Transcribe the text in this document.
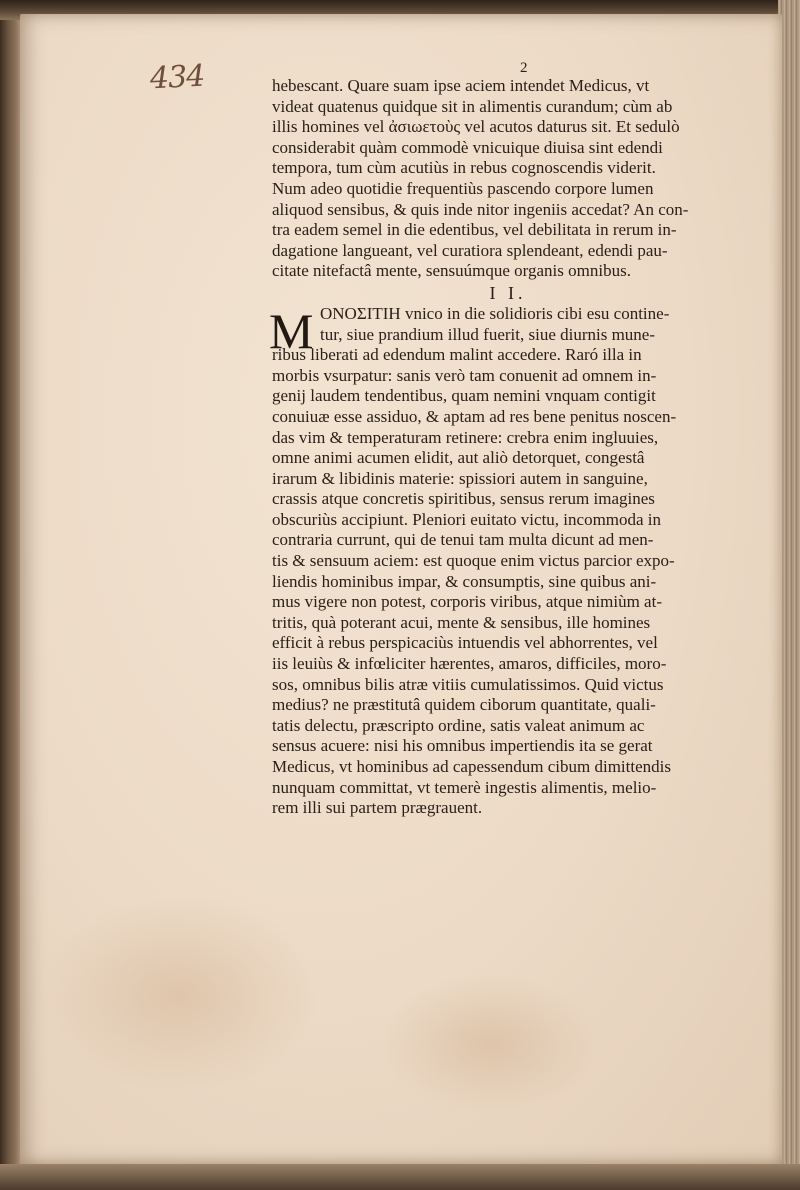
434	2
hebescant. Quare suam ipse aciem intendet Medicus, vt
videat quatenus quidque sit in alimentis curandum; cùm ab
illis homines vel ἀσιωετοὺς vel acutos daturus sit. Et sedulò
considerabit quàm commodè vnicuique diuisa sint edendi
tempora, tum cùm acutiùs in rebus cognoscendis viderit.
Num adeo quotidie frequentiùs pascendo corpore lumen
aliquod sensibus, & quis inde nitor ingeniis accedat? An con-
tra eadem semel in die edentibus, vel debilitata in rerum in-
dagatione langueant, vel curatiora splendeant, edendi pau-
citate nitefactâ mente, sensuúmque organis omnibus.
I I.
M ONOΣITIH vnico in die solidioris cibi esu contine-
tur, siue prandium illud fuerit, siue diurnis mune-
ribus liberati ad edendum malint accedere. Raró illa in
morbis vsurpatur: sanis verò tam conuenit ad omnem in-
genij laudem tendentibus, quam nemini vnquam contigit
conuiuæ esse assiduo, & aptam ad res bene penitus noscen-
das vim & temperaturam retinere: crebra enim ingluuies,
omne animi acumen elidit, aut aliò detorquet, congestâ
irarum & libidinis materie: spissiori autem in sanguine,
crassis atque concretis spiritibus, sensus rerum imagines
obscuriùs accipiunt. Pleniori euitato victu, incommoda in
contraria currunt, qui de tenui tam multa dicunt ad men-
tis & sensuum aciem: est quoque enim victus parcior expo-
liendis hominibus impar, & consumptis, sine quibus ani-
mus vigere non potest, corporis viribus, atque nimiùm at-
tritis, quà poterant acui, mente & sensibus, ille homines
efficit à rebus perspicaciùs intuendis vel abhorrentes, vel
iis leuiùs & infœliciter hærentes, amaros, difficiles, moro-
sos, omnibus bilis atræ vitiis cumulatissimos. Quid victus
medius? ne præstitutâ quidem ciborum quantitate, quali-
tatis delectu, præscripto ordine, satis valeat animum ac
sensus acuere: nisi his omnibus impertiendis ita se gerat
Medicus, vt hominibus ad capessendum cibum dimittendis
nunquam committat, vt temerè ingestis alimentis, melio-
rem illi sui partem prægrauent.
